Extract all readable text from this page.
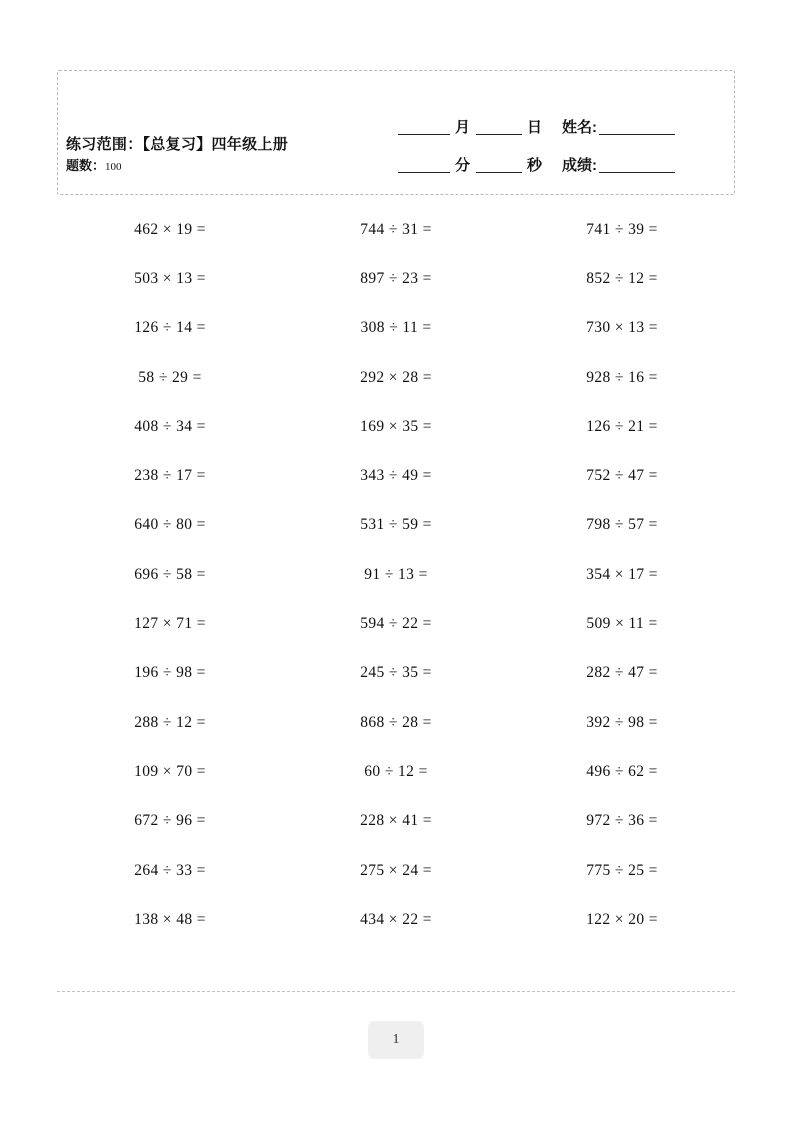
练习范围：【总复习】四年级上册
题数：100
月	日	姓名:
分	秒	成绩:
462 × 19 =	744 ÷ 31 =	741 ÷ 39 =
503 × 13 =	897 ÷ 23 =	852 ÷ 12 =
126 ÷ 14 =	308 ÷ 11 =	730 × 13 =
58 ÷ 29 =	292 × 28 =	928 ÷ 16 =
408 ÷ 34 =	169 × 35 =	126 ÷ 21 =
238 ÷ 17 =	343 ÷ 49 =	752 ÷ 47 =
640 ÷ 80 =	531 ÷ 59 =	798 ÷ 57 =
696 ÷ 58 =	91 ÷ 13 =	354 × 17 =
127 × 71 =	594 ÷ 22 =	509 × 11 =
196 ÷ 98 =	245 ÷ 35 =	282 ÷ 47 =
288 ÷ 12 =	868 ÷ 28 =	392 ÷ 98 =
109 × 70 =	60 ÷ 12 =	496 ÷ 62 =
672 ÷ 96 =	228 × 41 =	972 ÷ 36 =
264 ÷ 33 =	275 × 24 =	775 ÷ 25 =
138 × 48 =	434 × 22 =	122 × 20 =
1
